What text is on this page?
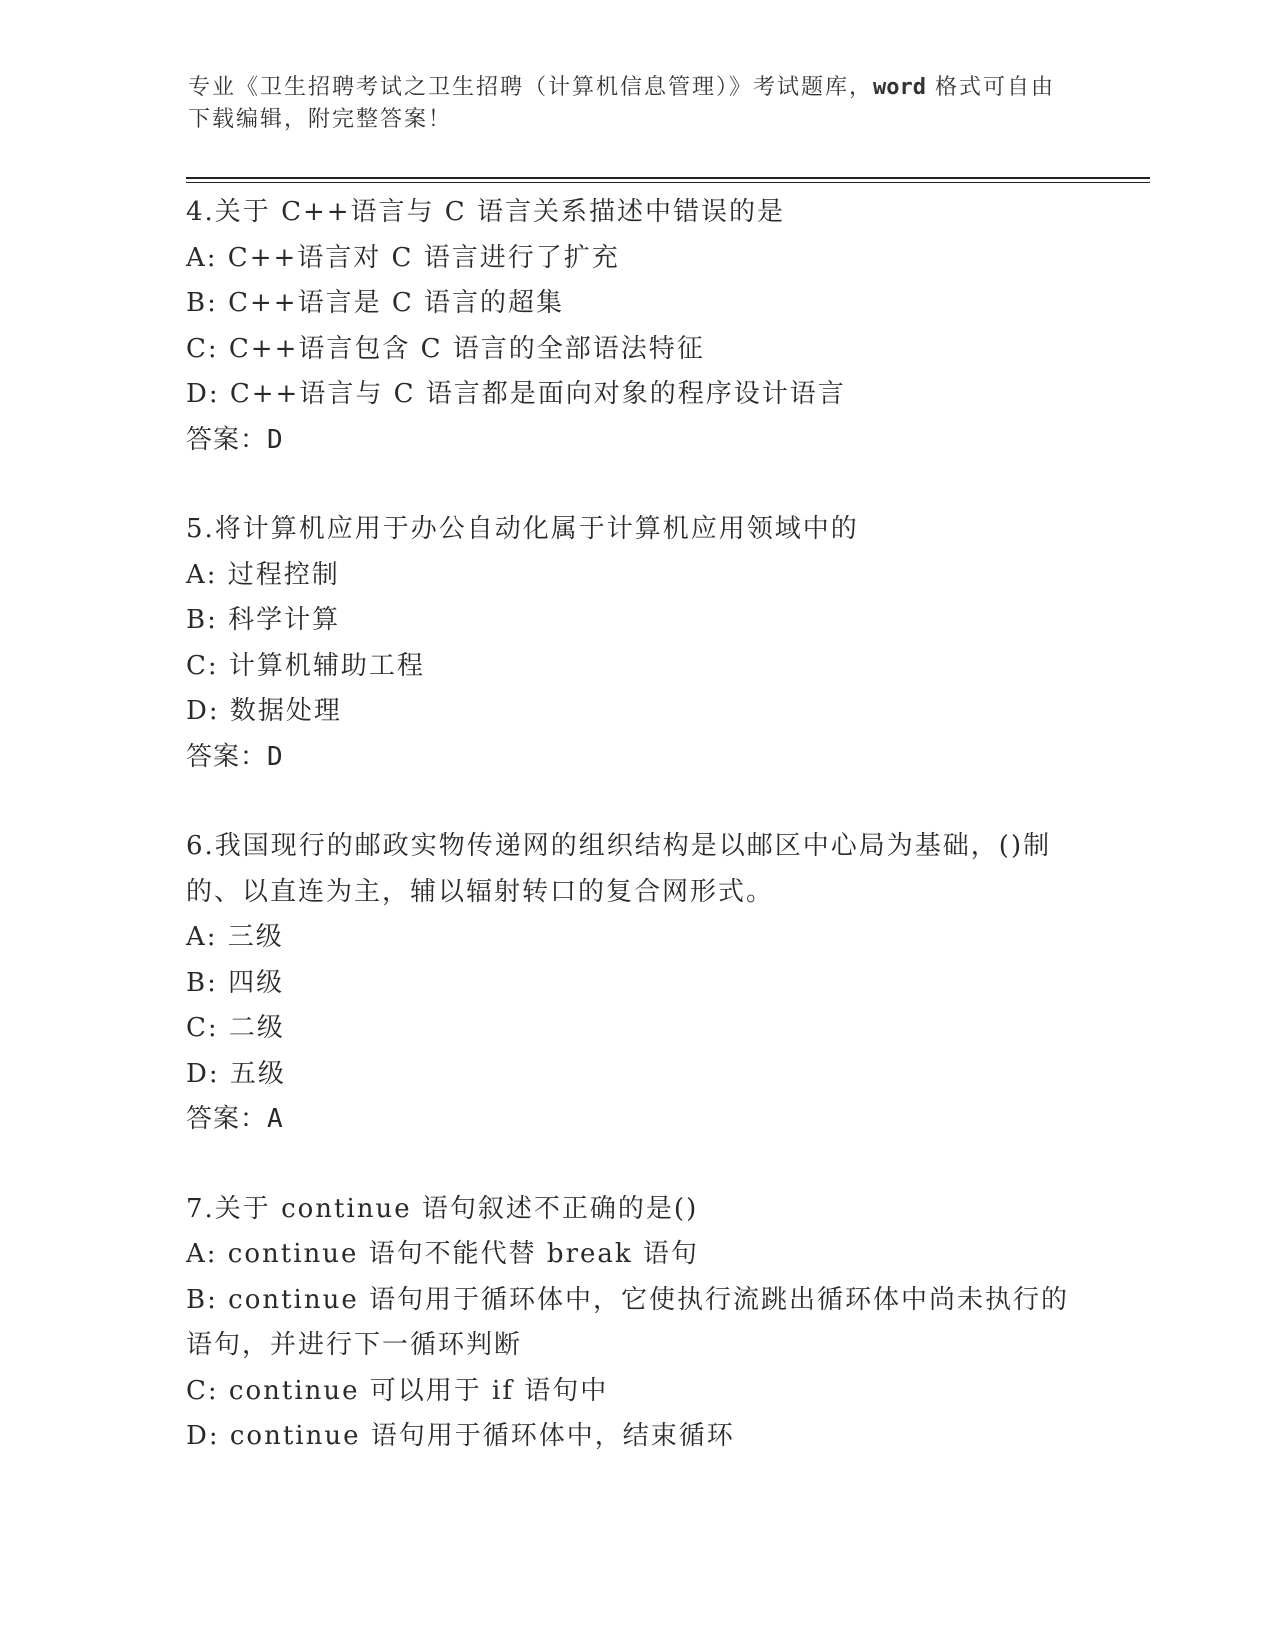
专业《卫生招聘考试之卫生招聘（计算机信息管理）》考试题库，word 格式可自由下载编辑，附完整答案！
4.关于 C++语言与 C 语言关系描述中错误的是
A: C++语言对 C 语言进行了扩充
B: C++语言是 C 语言的超集
C: C++语言包含 C 语言的全部语法特征
D: C++语言与 C 语言都是面向对象的程序设计语言
答案：D
5.将计算机应用于办公自动化属于计算机应用领域中的
A: 过程控制
B: 科学计算
C: 计算机辅助工程
D: 数据处理
答案：D
6.我国现行的邮政实物传递网的组织结构是以邮区中心局为基础，()制的、以直连为主，辅以辐射转口的复合网形式。
A: 三级
B: 四级
C: 二级
D: 五级
答案：A
7.关于 continue 语句叙述不正确的是()
A: continue 语句不能代替 break 语句
B: continue 语句用于循环体中，它使执行流跳出循环体中尚未执行的语句，并进行下一循环判断
C: continue 可以用于 if 语句中
D: continue 语句用于循环体中，结束循环
